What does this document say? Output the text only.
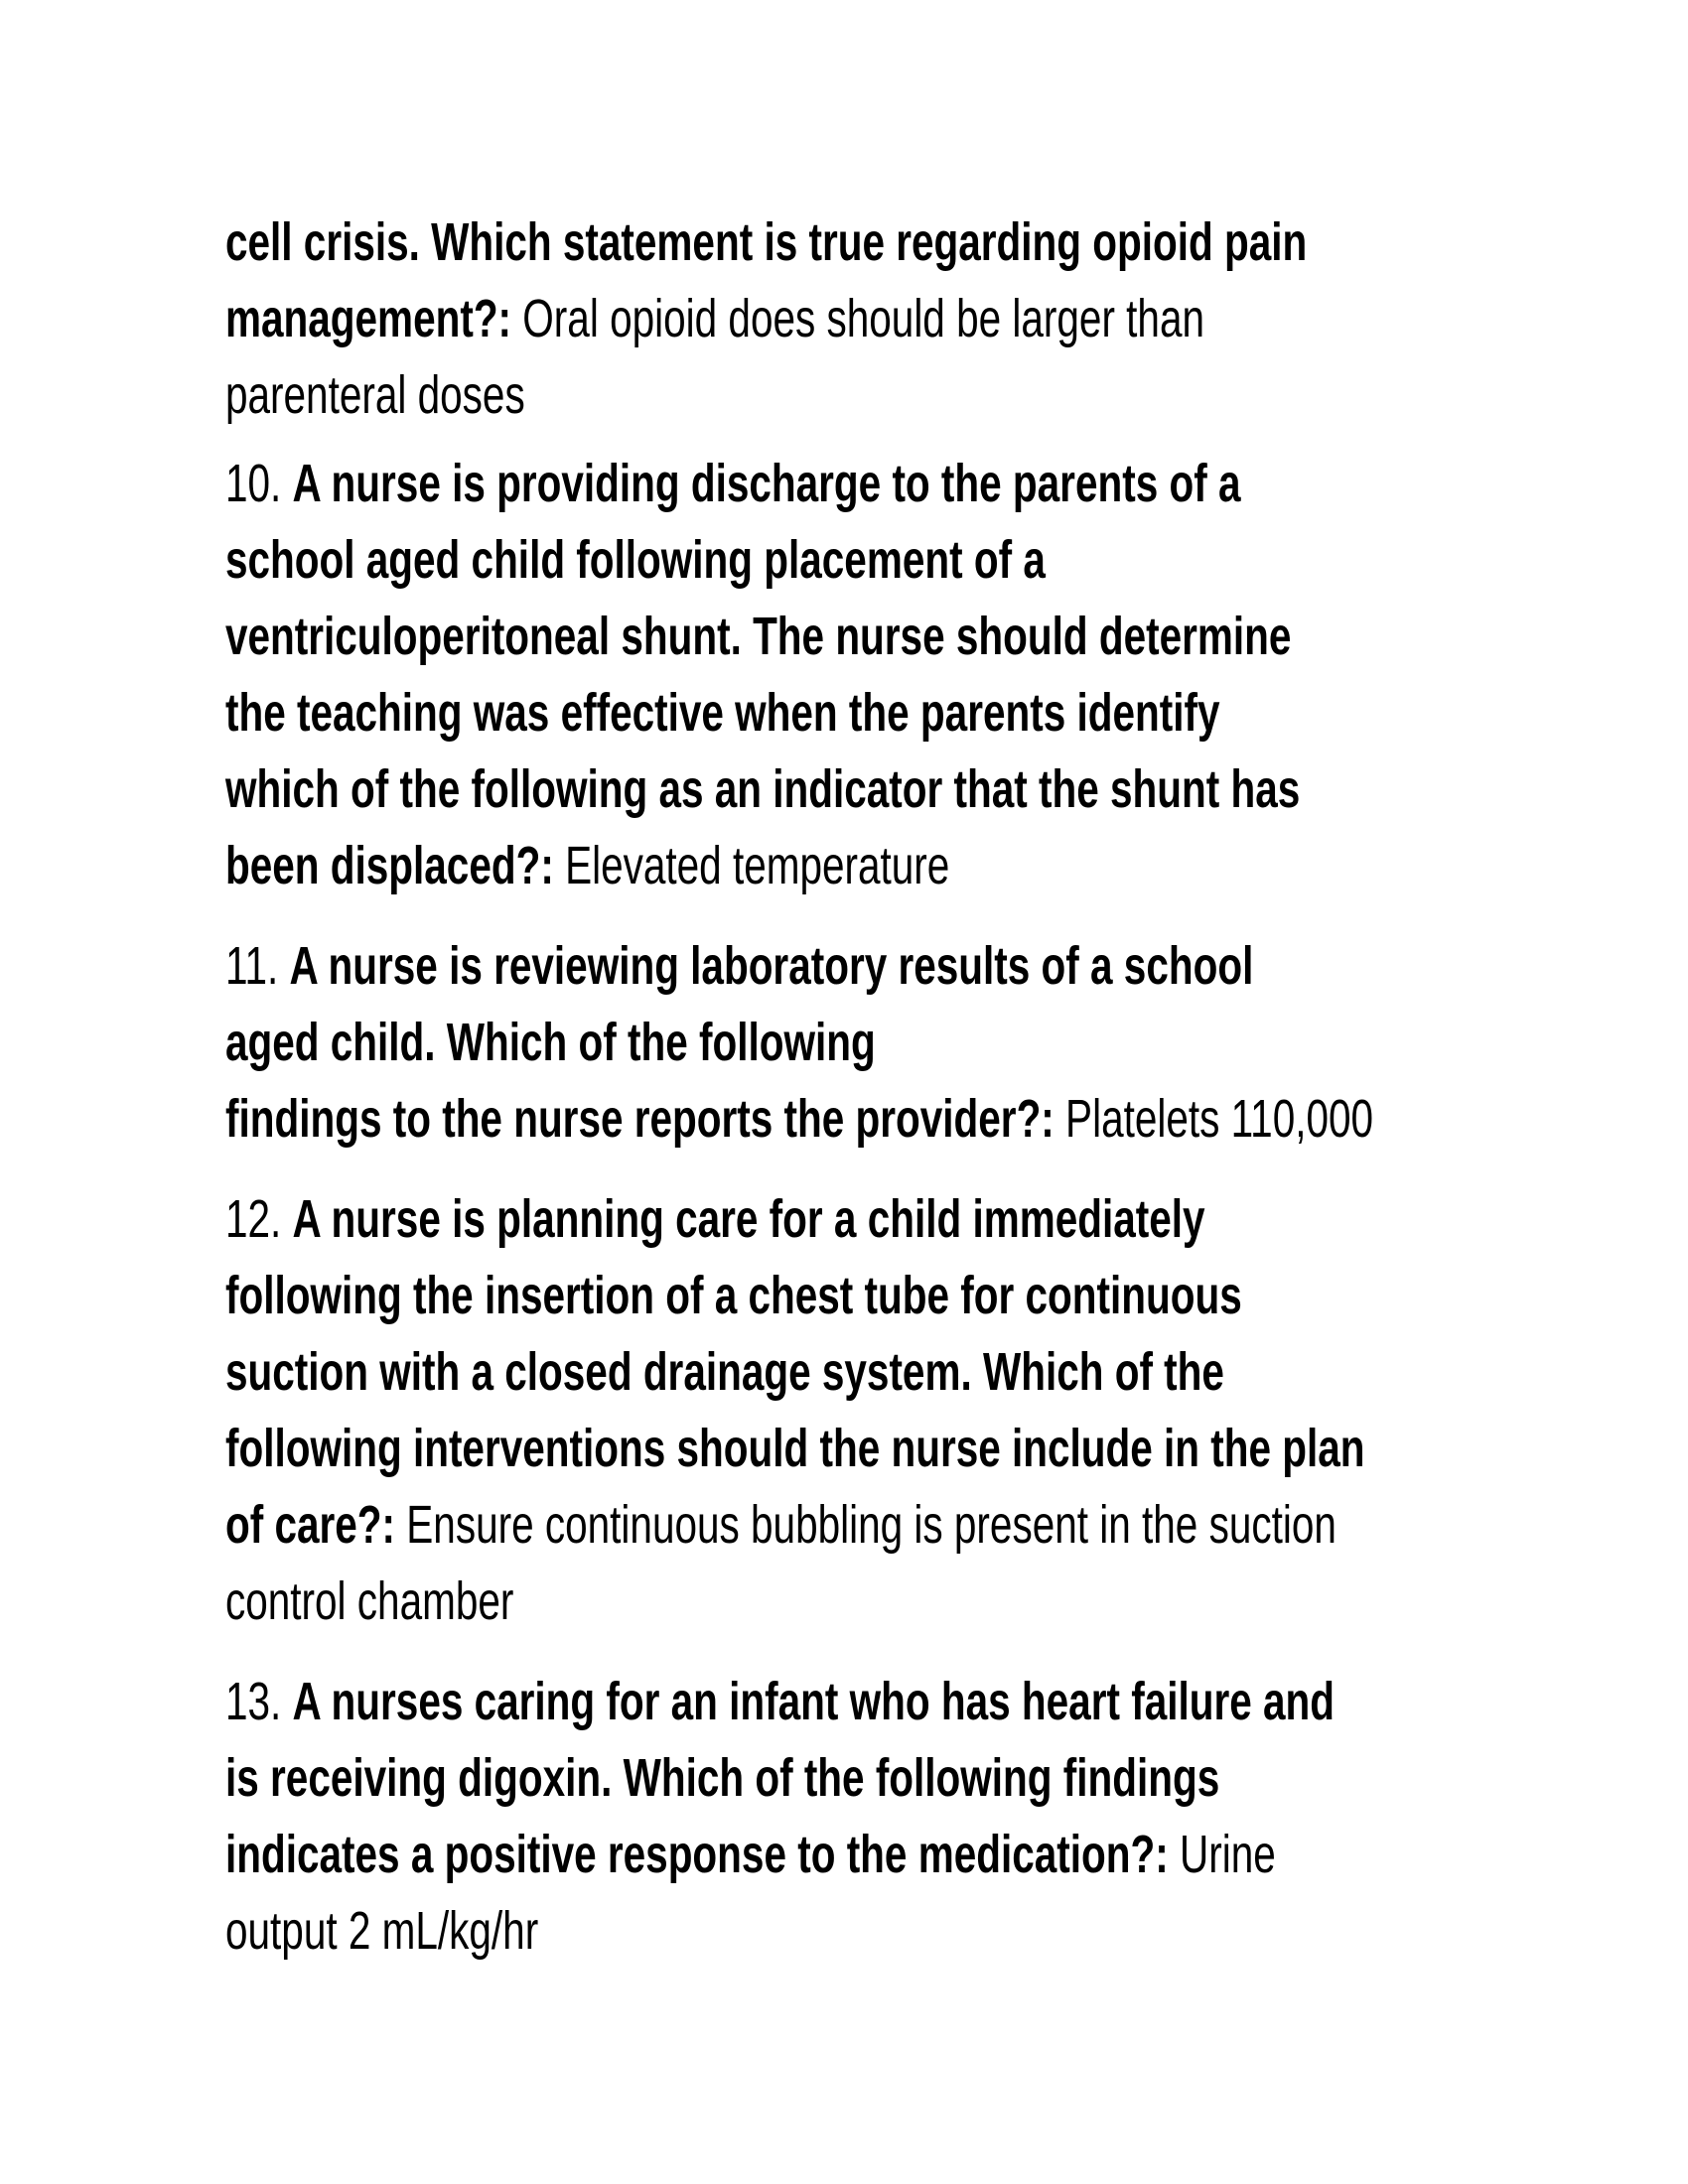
cell crisis. Which statement is true regarding opioid pain
management?: Oral opioid does should be larger than
parenteral doses
10. A nurse is providing discharge to the parents of a
school aged child following placement of a
ventriculoperitoneal shunt. The nurse should determine
the teaching was effective when the parents identify
which of the following as an indicator that the shunt has
been displaced?: Elevated temperature
11. A nurse is reviewing laboratory results of a school
aged child. Which of the following
findings to the nurse reports the provider?: Platelets 110,000
12. A nurse is planning care for a child immediately
following the insertion of a chest tube for continuous
suction with a closed drainage system. Which of the
following interventions should the nurse include in the plan
of care?: Ensure continuous bubbling is present in the suction
control chamber
13. A nurses caring for an infant who has heart failure and
is receiving digoxin. Which of the following findings
indicates a positive response to the medication?: Urine
output 2 mL/kg/hr
